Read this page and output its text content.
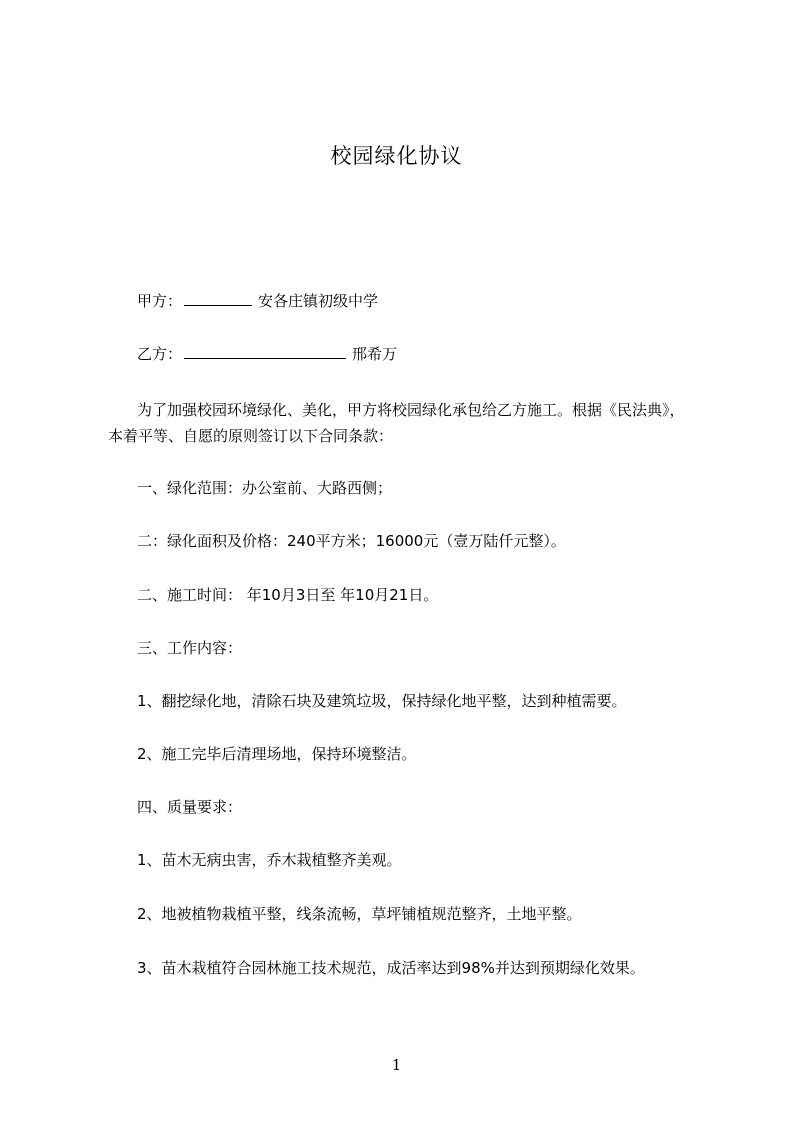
校园绿化协议
甲方：	安各庄镇初级中学
乙方：	邢希万
为了加强校园环境绿化、美化，甲方将校园绿化承包给乙方施工。根据《民法典》，本着平等、自愿的原则签订以下合同条款：
一、绿化范围：办公室前、大路西侧；
二：绿化面积及价格：240平方米；16000元（壹万陆仟元整）。
二、施工时间： 年10月3日至 年10月21日。
三、工作内容：
1、翻挖绿化地，清除石块及建筑垃圾，保持绿化地平整，达到种植需要。
2、施工完毕后清理场地，保持环境整洁。
四、质量要求：
1、苗木无病虫害，乔木栽植整齐美观。
2、地被植物栽植平整，线条流畅，草坪铺植规范整齐，土地平整。
3、苗木栽植符合园林施工技术规范，成活率达到98%并达到预期绿化效果。
1
